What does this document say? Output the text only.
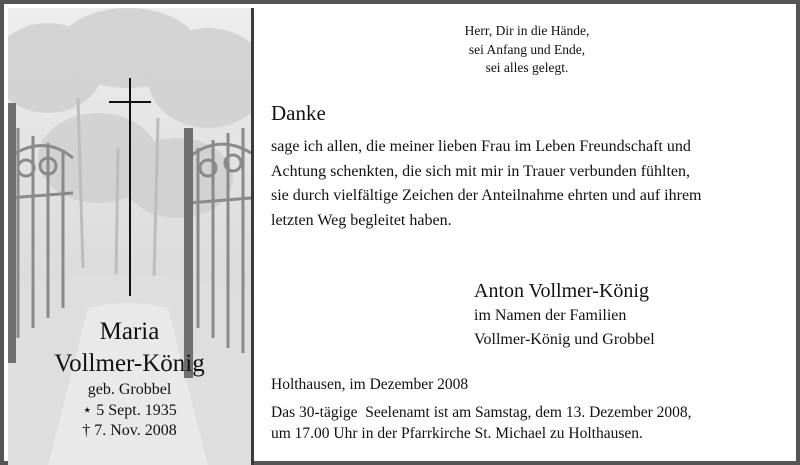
Maria
Vollmer-König
geb. Grobbel
⋆ 5 Sept. 1935
† 7. Nov. 2008
Herr, Dir in die Hände,
sei Anfang und Ende,
sei alles gelegt.
Danke
sage ich allen, die meiner lieben Frau im Leben Freundschaft und
Achtung schenkten, die sich mit mir in Trauer verbunden fühlten,
sie durch vielfältige Zeichen der Anteilnahme ehrten und auf ihrem
letzten Weg begleitet haben.
Anton Vollmer-König
im Namen der Familien
Vollmer-König und Grobbel
Holthausen, im Dezember 2008
Das 30-tägige  Seelenamt ist am Samstag, dem 13. Dezember 2008,
um 17.00 Uhr in der Pfarrkirche St. Michael zu Holthausen.
